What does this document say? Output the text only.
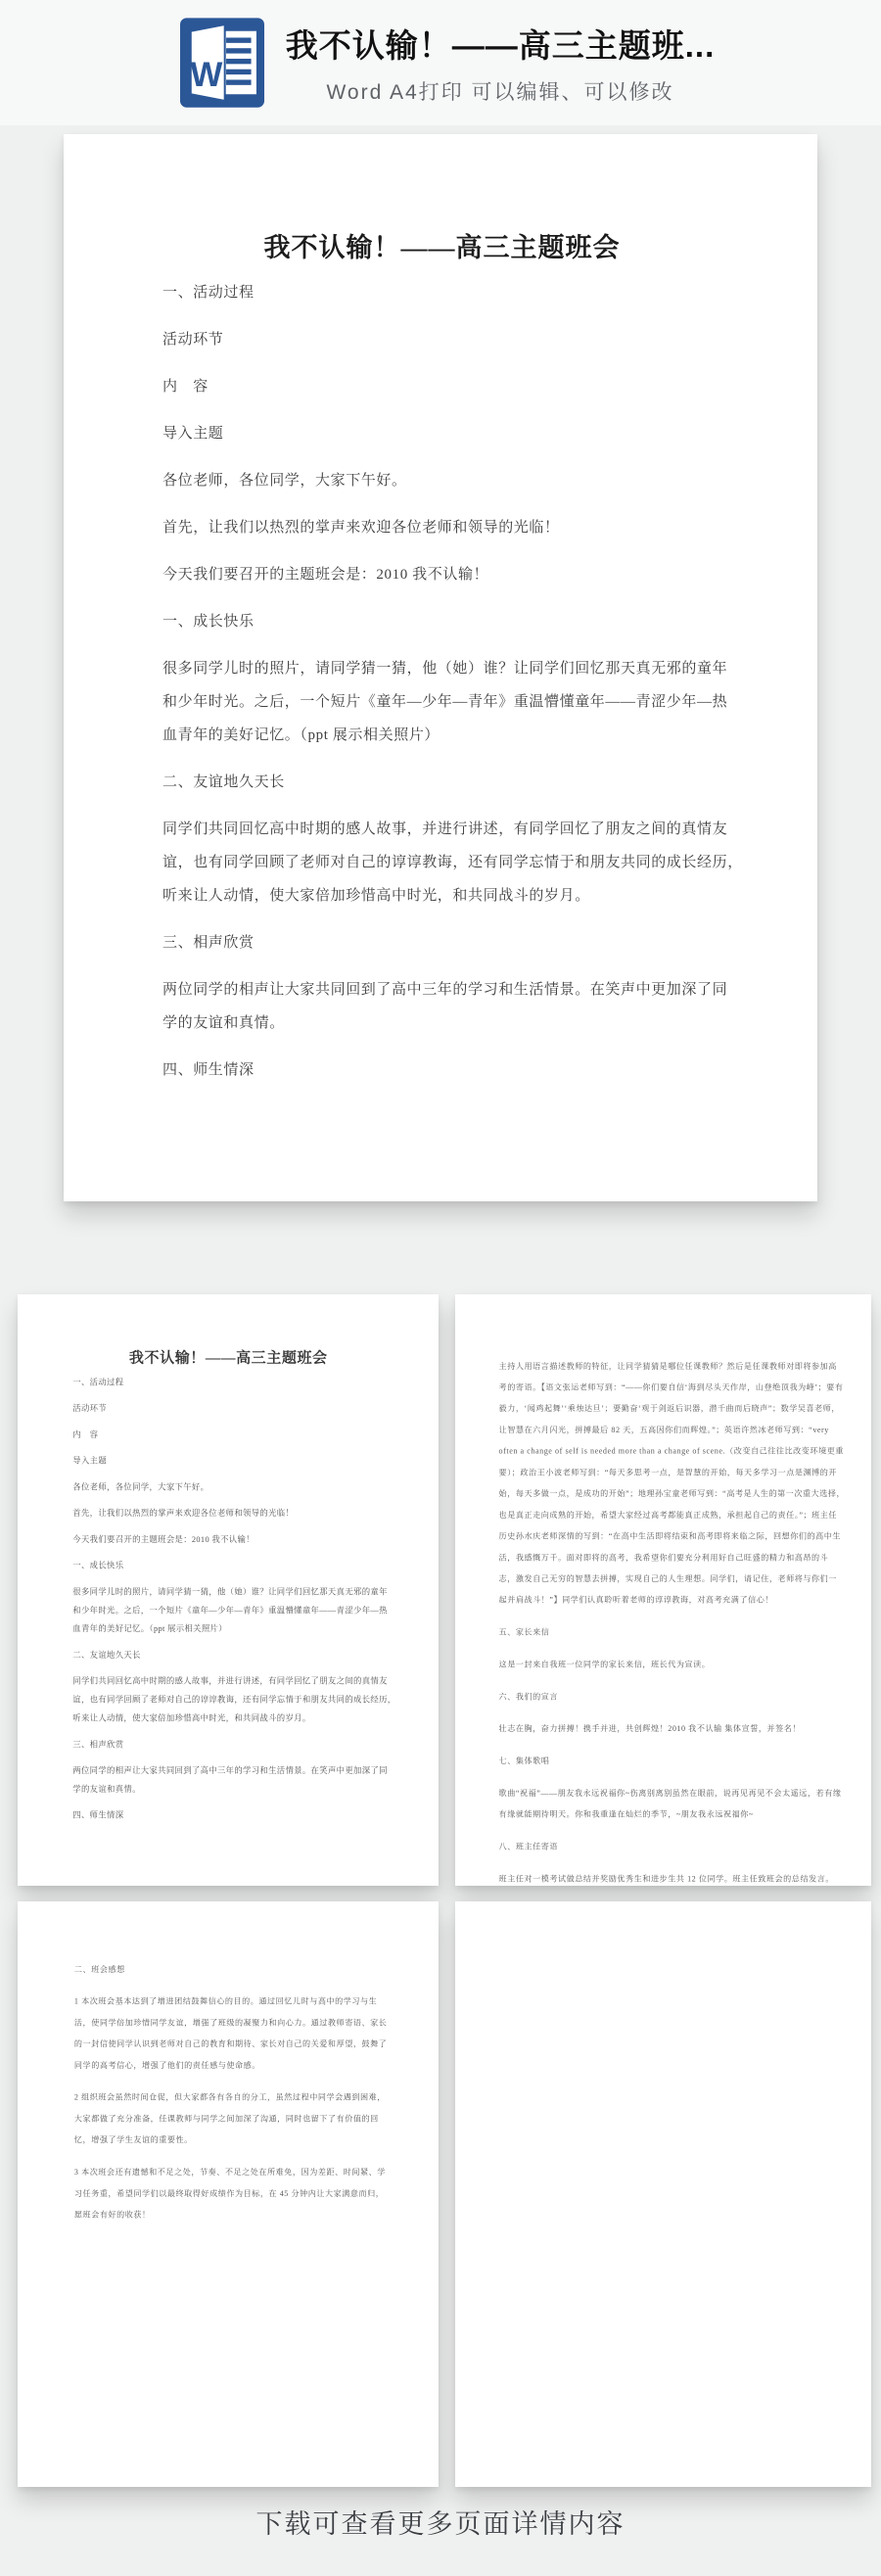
W
我不认输！——高三主题班...
Word A4打印 可以编辑、可以修改
我不认输！——高三主题班会

一、活动过程

活动环节

内　容

导入主题

各位老师，各位同学，大家下午好。

首先，让我们以热烈的掌声来欢迎各位老师和领导的光临！

今天我们要召开的主题班会是：2010 我不认输！

一、成长快乐

很多同学儿时的照片，请同学猜一猜，他（她）谁？让同学们回忆那天真无邪的童年
和少年时光。之后，一个短片《童年—少年—青年》重温懵懂童年——青涩少年—热
血青年的美好记忆。（ppt 展示相关照片）

二、友谊地久天长

同学们共同回忆高中时期的感人故事，并进行讲述，有同学回忆了朋友之间的真情友
谊，也有同学回顾了老师对自己的谆谆教诲，还有同学忘情于和朋友共同的成长经历，
听来让人动情，使大家倍加珍惜高中时光，和共同战斗的岁月。

三、相声欣赏

两位同学的相声让大家共同回到了高中三年的学习和生活情景。在笑声中更加深了同
学的友谊和真情。

四、师生情深

我不认输！——高三主题班会

一、活动过程

活动环节

内　容

导入主题

各位老师，各位同学，大家下午好。

首先，让我们以热烈的掌声来欢迎各位老师和领导的光临！

今天我们要召开的主题班会是：2010 我不认输！

一、成长快乐

很多同学儿时的照片，请同学猜一猜，他（她）谁？让同学们回忆那天真无邪的童年
和少年时光。之后，一个短片《童年—少年—青年》重温懵懂童年——青涩少年—热
血青年的美好记忆。（ppt 展示相关照片）

二、友谊地久天长

同学们共同回忆高中时期的感人故事，并进行讲述，有同学回忆了朋友之间的真情友
谊，也有同学回顾了老师对自己的谆谆教诲，还有同学忘情于和朋友共同的成长经历，
听来让人动情，使大家倍加珍惜高中时光，和共同战斗的岁月。

三、相声欣赏

两位同学的相声让大家共同回到了高中三年的学习和生活情景。在笑声中更加深了同
学的友谊和真情。

四、师生情深

主持人用语言描述教师的特征，让同学猜猜是哪位任课教师？然后是任课教师对即将参加高考的寄语。【语文张运老师写到：“——你们要自信‘海到尽头天作岸，山登绝顶我为峰’；要有毅力，‘闻鸡起舞’‘乘烛达旦’；要勤奋‘观于剑返后识器，潜千曲而后晓声”；数学吴喜老师，让智慧在六月闪光，拼搏最后 82 天，五高因你们而辉煌。”；英语许然冰老师写到：“very often a change of self is needed more than a change of scene.（改变自己往往比改变环境更重要）；政治王小波老师写到：“每天多思考一点，是智慧的开始，每天多学习一点是渊博的开始，每天多做一点，是成功的开始”；地理孙宝童老师写到：“高考是人生的第一次重大选择，也是真正走向成熟的开始，希望大家经过高考都能真正成熟，承担起自己的责任。”；班主任历史孙水庆老师深情的写到：“在高中生活即将结束和高考即将来临之际，回想你们的高中生活，我感慨万千。面对即将的高考，我希望你们要充分利用好自己旺盛的精力和高昂的斗志，激发自己无穷的智慧去拼搏，实现自己的人生理想。同学们，请记住，老师将与你们一起并肩战斗！”】同学们认真聆听着老师的谆谆教诲，对高考充满了信心！

五、家长来信

这是一封来自我班一位同学的家长来信，班长代为宣读。

六、我们的宣言

壮志在胸，奋力拼搏！携手并进，共创辉煌！2010 我不认输 集体宣誓，并签名！

七、集体歌唱

歌曲“祝福”——朋友我永远祝福你~伤离别离别虽然在眼前，说再见再见不会太遥远，若有缘有缘就能期待明天。你和我重逢在灿烂的季节，~朋友我永远祝福你~

八、班主任寄语

班主任对一模考试做总结并奖励优秀生和进步生共 12 位同学。班主任致班会的总结发言。

二、班会感想

1 本次班会基本达到了增进团结鼓舞信心的目的。通过回忆儿时与高中的学习与生活，使同学倍加珍惜同学友谊，增强了班级的凝聚力和向心力。通过教师寄语、家长的一封信使同学认识到老师对自己的教育和期待、家长对自己的关爱和厚望，鼓舞了同学的高考信心，增强了他们的责任感与使命感。

2 组织班会虽然时间仓促，但大家都各有各自的分工，虽然过程中同学会遇到困难，大家都做了充分准备，任课教师与同学之间加深了沟通，同时也留下了有价值的回忆，增强了学生友谊的重要性。

3 本次班会还有遗憾和不足之处，节奏、不足之处在所难免，因为差距、时间紧、学习任务重，希望同学们以最终取得好成绩作为目标，在 45 分钟内让大家满意而归，愿班会有好的收获！

下载可查看更多页面详情内容
